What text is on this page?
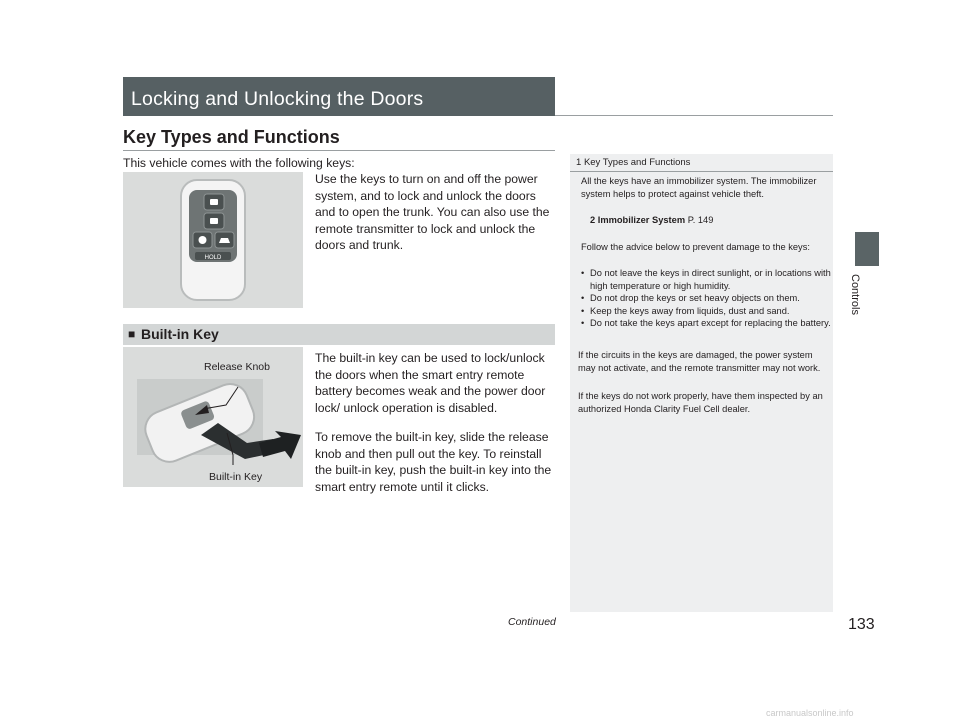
Locking and Unlocking the Doors
Key Types and Functions
This vehicle comes with the following keys:
HOLD
Use the keys to turn on and off the power system, and to lock and unlock the doors and to open the trunk. You can also use the remote transmitter to lock and unlock the doors and trunk.
■ Built-in Key
Release Knob
Built-in Key
The built-in key can be used to lock/unlock the doors when the smart entry remote battery becomes weak and the power door lock/ unlock operation is disabled.
To remove the built-in key, slide the release knob and then pull out the key. To reinstall the built-in key, push the built-in key into the smart entry remote until it clicks.
1 Key Types and Functions
All the keys have an immobilizer system. The immobilizer system helps to protect against vehicle theft.
2 Immobilizer System P. 149
Follow the advice below to prevent damage to the keys:
• Do not leave the keys in direct sunlight, or in locations with high temperature or high humidity.
• Do not drop the keys or set heavy objects on them.
• Keep the keys away from liquids, dust and sand.
• Do not take the keys apart except for replacing the battery.
If the circuits in the keys are damaged, the power system may not activate, and the remote transmitter may not work.
If the keys do not work properly, have them inspected by an authorized Honda Clarity Fuel Cell dealer.
Controls
Continued	133
carmanualsonline.info
